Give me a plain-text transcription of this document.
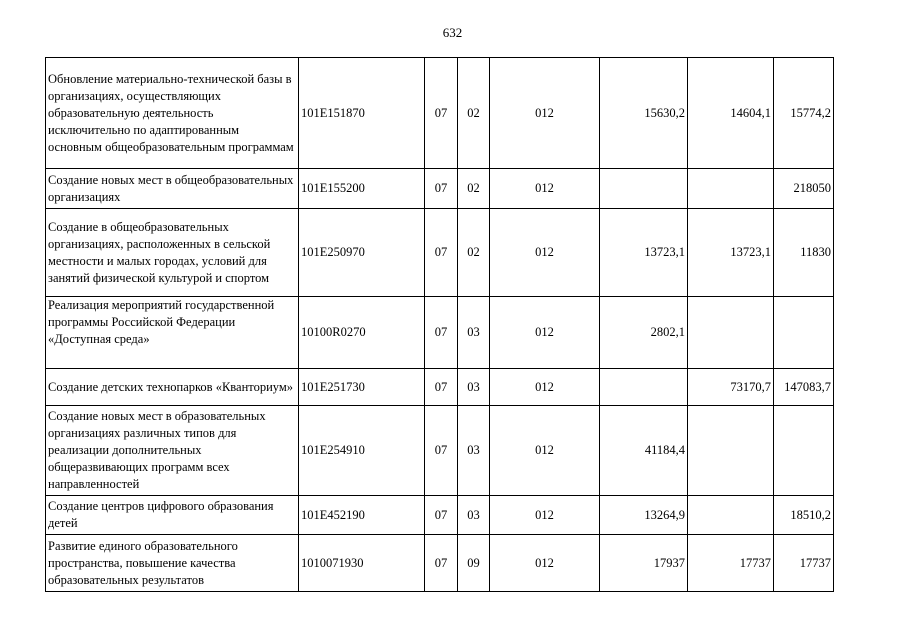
632
Обновление материально-технической базы в организациях, осуществляющих образовательную деятельность исключительно по адаптированным основным общеобразовательным программам	101E151870	07	02	012	15630,2	14604,1	15774,2
Создание новых мест в общеобразовательных организациях	101E155200	07	02	012			218050
Создание в общеобразовательных организациях, расположенных в сельской местности и малых городах, условий для занятий физической культурой и спортом	101E250970	07	02	012	13723,1	13723,1	11830
Реализация мероприятий государственной программы Российской Федерации «Доступная среда»	10100R0270	07	03	012	2802,1		
Создание детских технопарков «Кванториум»	101E251730	07	03	012		73170,7	147083,7
Создание новых мест в образовательных организациях различных типов для реализации дополнительных общеразвивающих программ всех направленностей	101E254910	07	03	012	41184,4		
Создание центров цифрового образования детей	101E452190	07	03	012	13264,9		18510,2
Развитие единого образовательного пространства, повышение качества образовательных результатов	1010071930	07	09	012	17937	17737	17737
